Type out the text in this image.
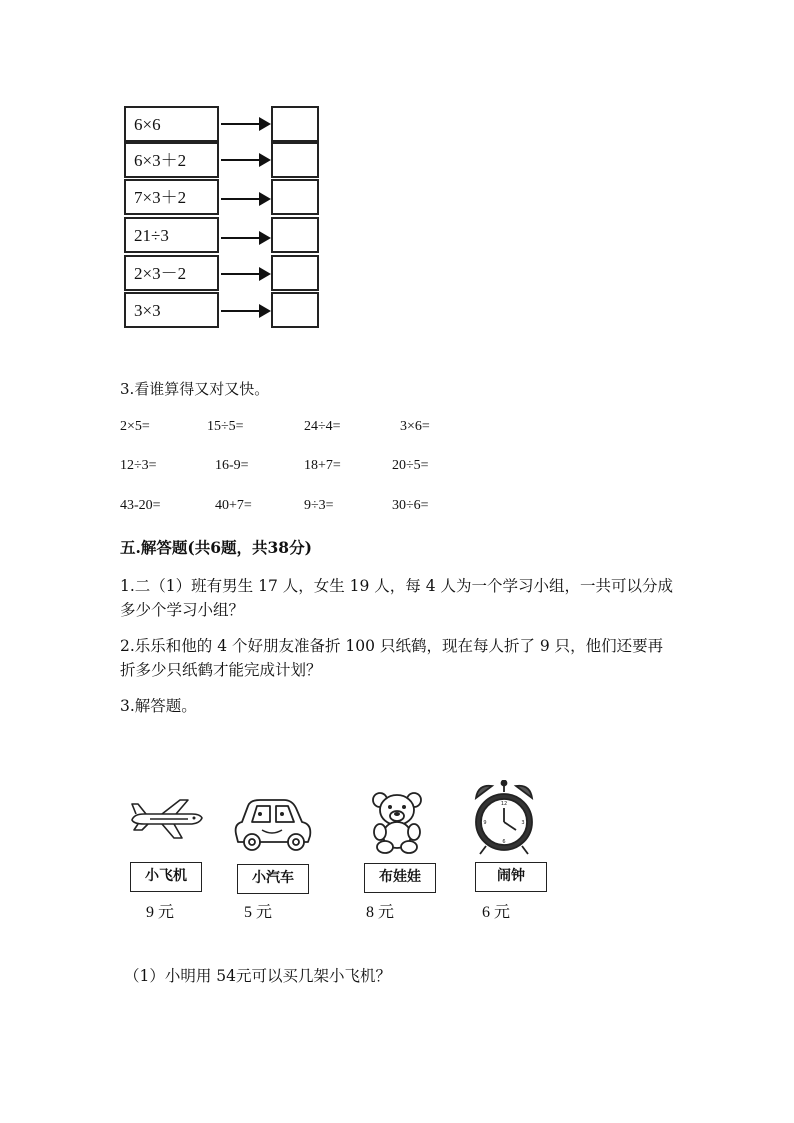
6×6
6×3＋2
7×3＋2
21÷3
2×3－2
3×3
3.看谁算得又对又快。
2×5=	15÷5=	24÷4=	3×6=
12÷3=	16-9=	18+7=	20÷5=
43-20=	40+7=	9÷3=	30÷6=
五.解答题(共6题，共38分)
1.二（1）班有男生 17 人，女生 19 人，每 4 人为一个学习小组，一共可以分成
多少个学习小组？
2.乐乐和他的 4 个好朋友准备折 100 只纸鹤，现在每人折了 9 只，他们还要再
折多少只纸鹤才能完成计划？
3.解答题。
12
6
9	3
小飞机	小汽车	布娃娃	闹钟
9 元	5 元	8 元	6 元
（1）小明用 54元可以买几架小飞机？
